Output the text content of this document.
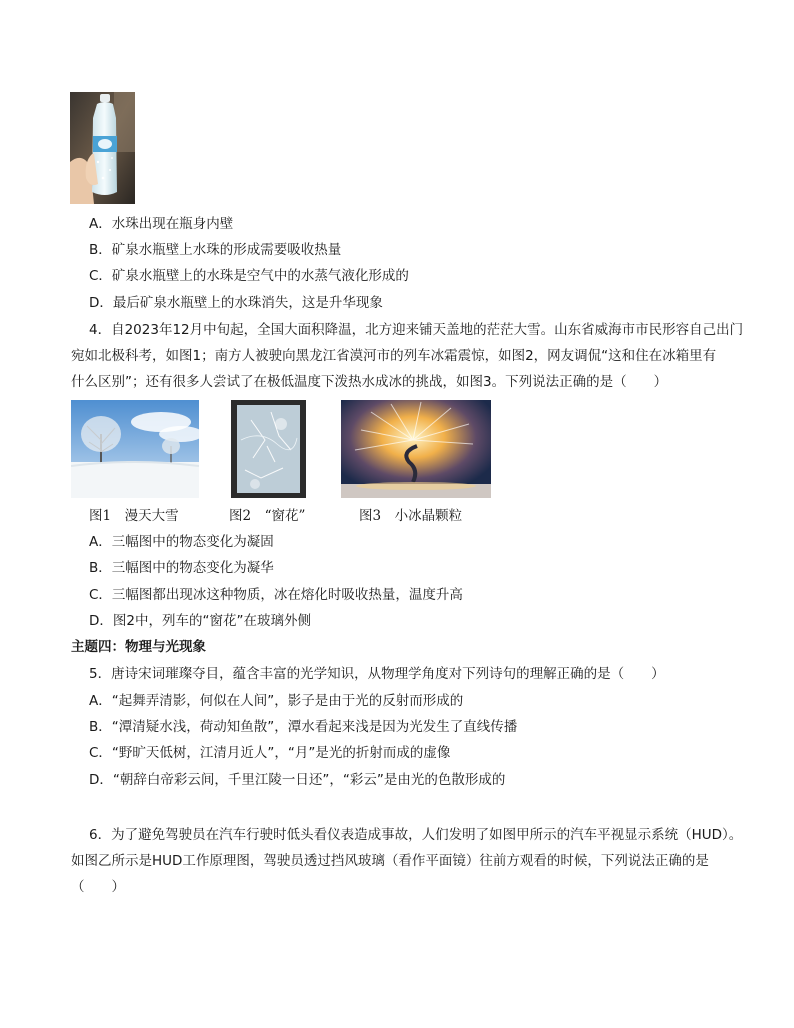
A．水珠出现在瓶身内壁
B．矿泉水瓶壁上水珠的形成需要吸收热量
C．矿泉水瓶壁上的水珠是空气中的水蒸气液化形成的
D．最后矿泉水瓶壁上的水珠消失，这是升华现象
4．自2023年12月中旬起，全国大面积降温，北方迎来铺天盖地的茫茫大雪。山东省威海市市民形容自己出门
宛如北极科考，如图1；南方人被驶向黑龙江省漠河市的列车冰霜震惊，如图2，网友调侃“这和住在冰箱里有
什么区别”；还有很多人尝试了在极低温度下泼热水成冰的挑战，如图3。下列说法正确的是（　　）
图1　漫天大雪	图2　“窗花”	图3　小冰晶颗粒
A．三幅图中的物态变化为凝固
B．三幅图中的物态变化为凝华
C．三幅图都出现冰这种物质，冰在熔化时吸收热量，温度升高
D．图2中，列车的“窗花”在玻璃外侧
主题四：物理与光现象
5．唐诗宋词璀璨夺目，蕴含丰富的光学知识，从物理学角度对下列诗句的理解正确的是（　　）
A．“起舞弄清影，何似在人间”，影子是由于光的反射而形成的
B．“潭清疑水浅，荷动知鱼散”，潭水看起来浅是因为光发生了直线传播
C．“野旷天低树，江清月近人”，“月”是光的折射而成的虚像
D．“朝辞白帝彩云间，千里江陵一日还”，“彩云”是由光的色散形成的
6．为了避免驾驶员在汽车行驶时低头看仪表造成事故，人们发明了如图甲所示的汽车平视显示系统（HUD）。
如图乙所示是HUD工作原理图，驾驶员透过挡风玻璃（看作平面镜）往前方观看的时候，下列说法正确的是
（　　）
